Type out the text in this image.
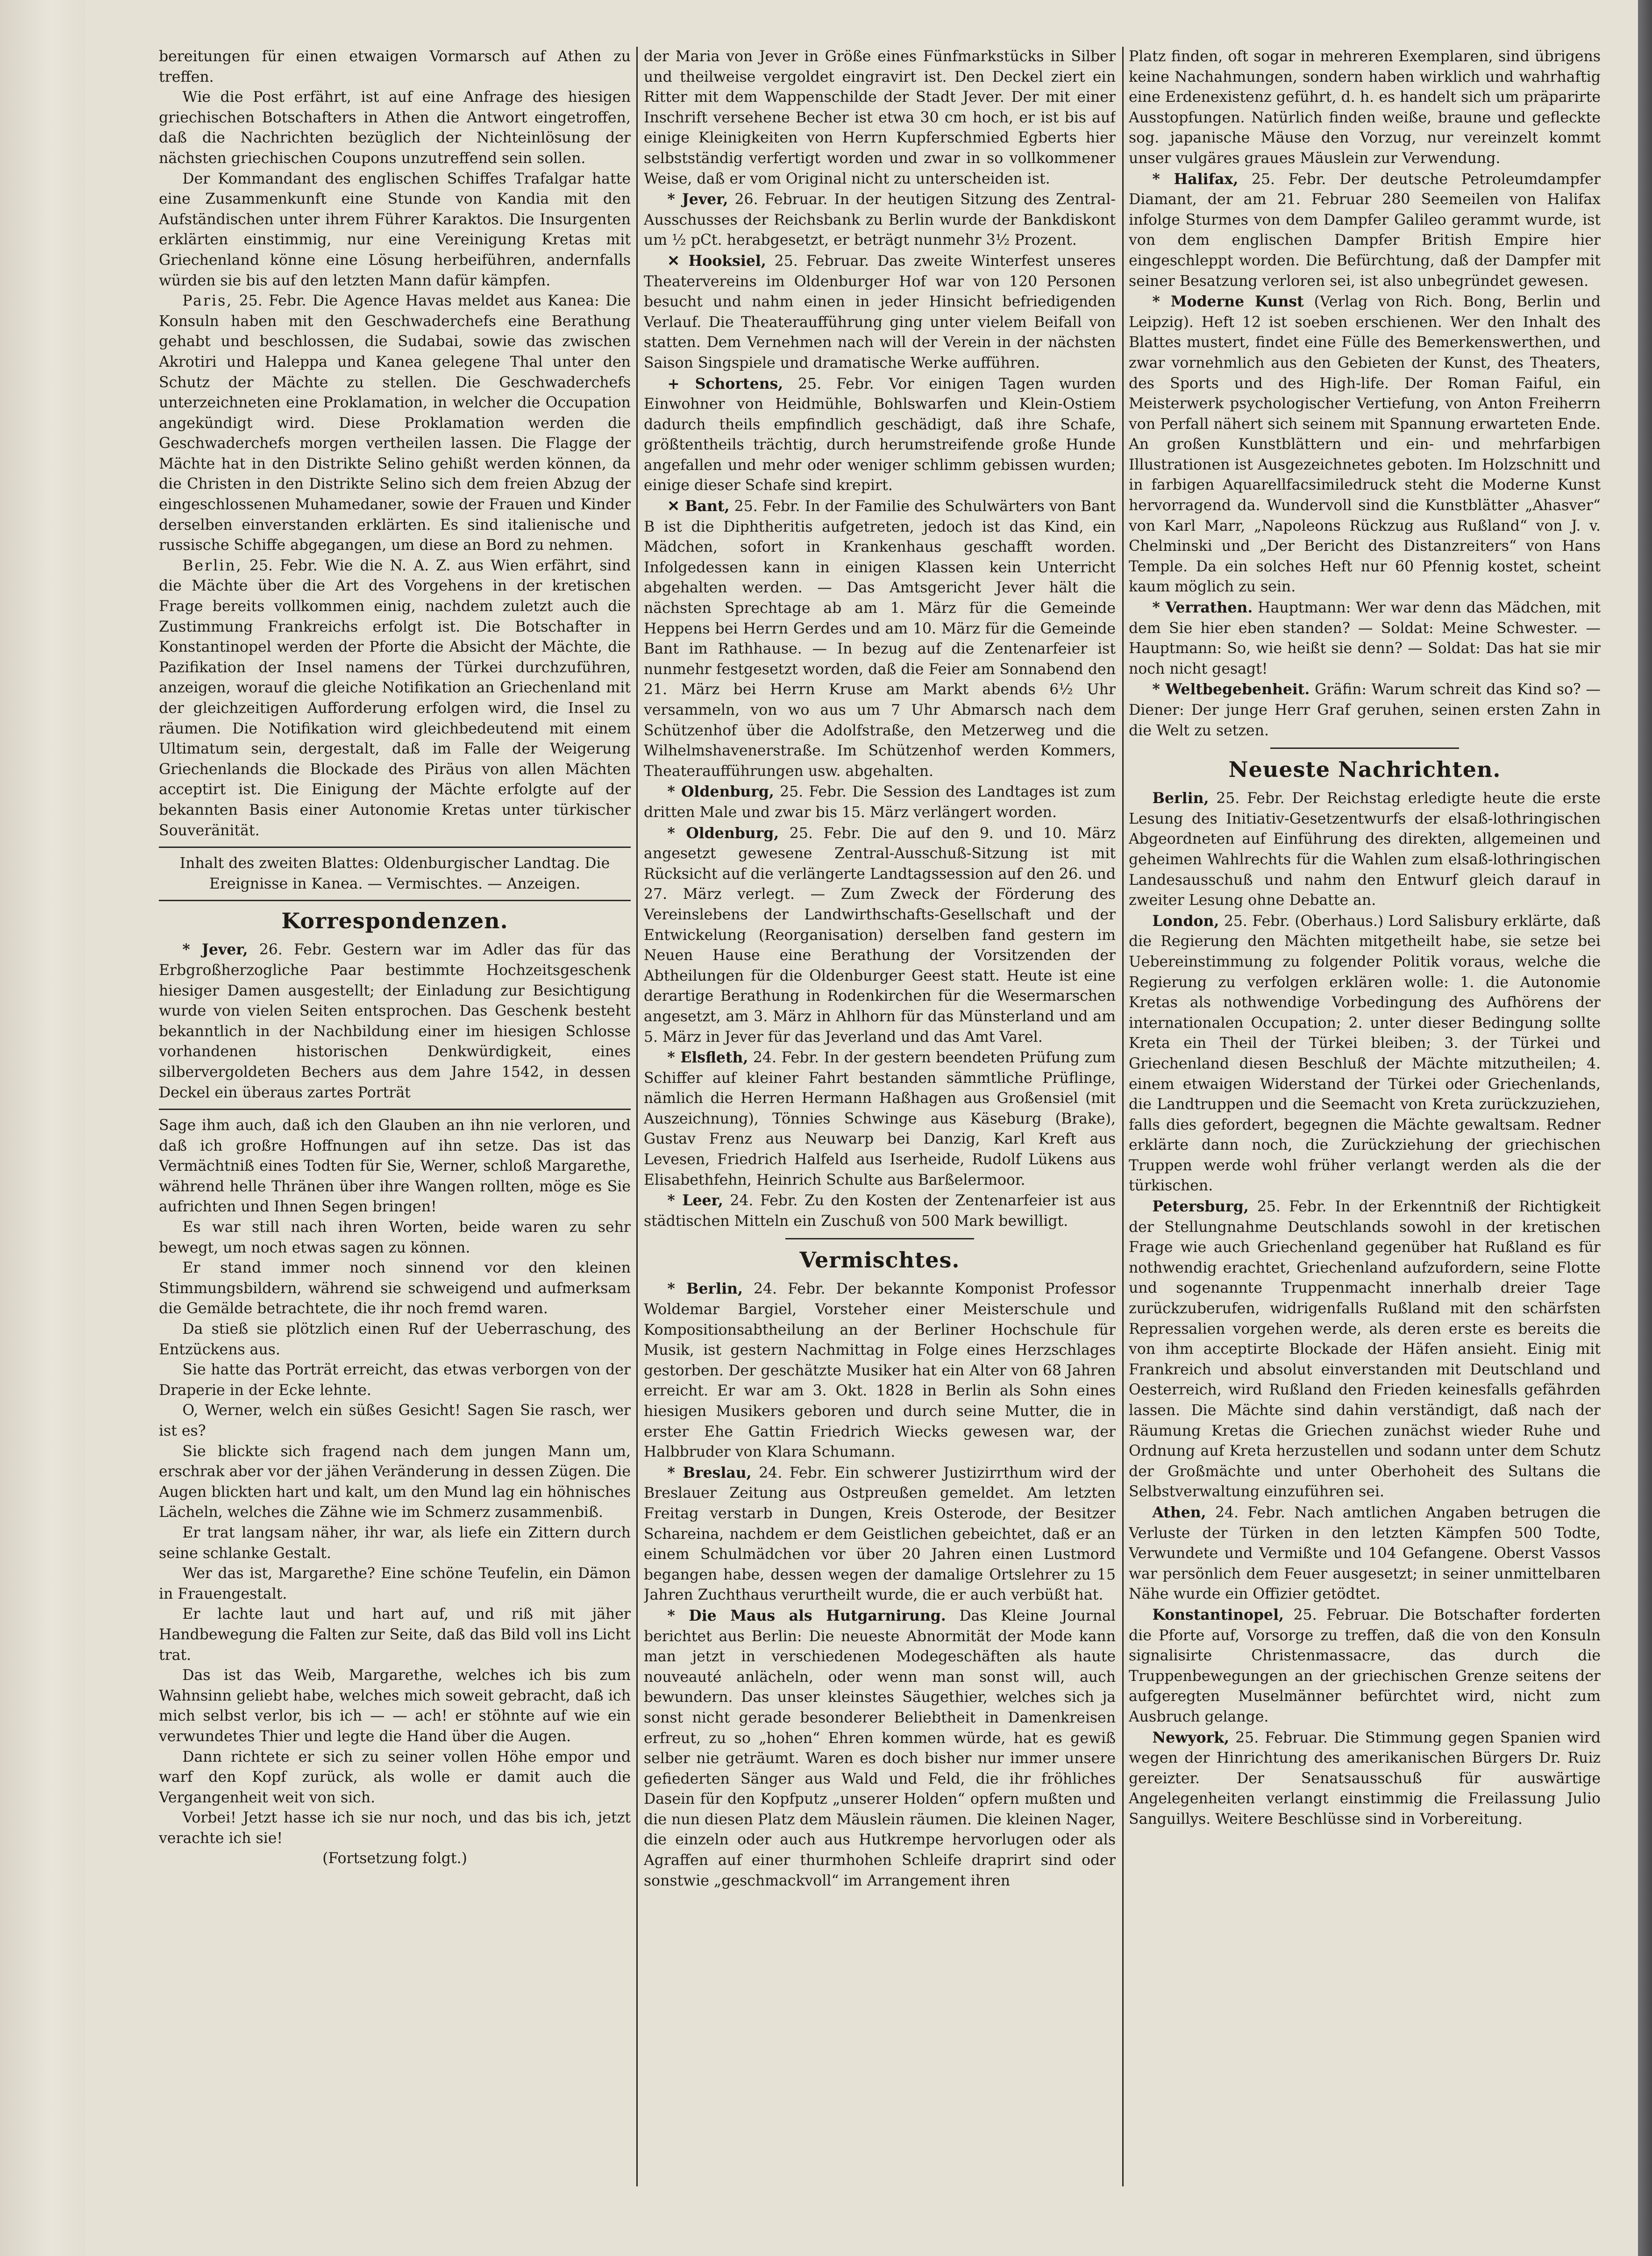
bereitungen für einen etwaigen Vormarsch auf Athen zu treffen.

Wie die Post erfährt, ist auf eine Anfrage des hiesigen griechischen Botschafters in Athen die Antwort eingetroffen, daß die Nachrichten bezüglich der Nichteinlösung der nächsten griechischen Coupons unzutreffend sein sollen.

Der Kommandant des englischen Schiffes Trafalgar hatte eine Zusammenkunft eine Stunde von Kandia mit den Aufständischen unter ihrem Führer Karaktos. Die Insurgenten erklärten einstimmig, nur eine Vereinigung Kretas mit Griechenland könne eine Lösung herbeiführen, andernfalls würden sie bis auf den letzten Mann dafür kämpfen.

Paris, 25. Febr. Die Agence Havas meldet aus Kanea: Die Konsuln haben mit den Geschwaderchefs eine Berathung gehabt und beschlossen, die Sudabai, sowie das zwischen Akrotiri und Haleppa und Kanea gelegene Thal unter den Schutz der Mächte zu stellen. Die Geschwaderchefs unterzeichneten eine Proklamation, in welcher die Occupation angekündigt wird. Diese Proklamation werden die Geschwaderchefs morgen vertheilen lassen. Die Flagge der Mächte hat in den Distrikte Selino gehißt werden können, da die Christen in den Distrikte Selino sich dem freien Abzug der eingeschlossenen Muhamedaner, sowie der Frauen und Kinder derselben einverstanden erklärten. Es sind italienische und russische Schiffe abgegangen, um diese an Bord zu nehmen.

Berlin, 25. Febr. Wie die N. A. Z. aus Wien erfährt, sind die Mächte über die Art des Vorgehens in der kretischen Frage bereits vollkommen einig, nachdem zuletzt auch die Zustimmung Frankreichs erfolgt ist. Die Botschafter in Konstantinopel werden der Pforte die Absicht der Mächte, die Pazifikation der Insel namens der Türkei durchzuführen, anzeigen, worauf die gleiche Notifikation an Griechenland mit der gleichzeitigen Aufforderung erfolgen wird, die Insel zu räumen. Die Notifikation wird gleichbedeutend mit einem Ultimatum sein, dergestalt, daß im Falle der Weigerung Griechenlands die Blockade des Piräus von allen Mächten acceptirt ist. Die Einigung der Mächte erfolgte auf der bekannten Basis einer Autonomie Kretas unter türkischer Souveränität.

Inhalt des zweiten Blattes: Oldenburgischer Landtag. Die Ereignisse in Kanea. — Vermischtes. — Anzeigen.

Korrespondenzen.

* Jever, 26. Febr. Gestern war im Adler das für das Erbgroßherzogliche Paar bestimmte Hochzeitsgeschenk hiesiger Damen ausgestellt; der Einladung zur Besichtigung wurde von vielen Seiten entsprochen. Das Geschenk besteht bekanntlich in der Nachbildung einer im hiesigen Schlosse vorhandenen historischen Denkwürdigkeit, eines silbervergoldeten Bechers aus dem Jahre 1542, in dessen Deckel ein überaus zartes Porträt

Sage ihm auch, daß ich den Glauben an ihn nie verloren, und daß ich großre Hoffnungen auf ihn setze. Das ist das Vermächtniß eines Todten für Sie, Werner, schloß Margarethe, während helle Thränen über ihre Wangen rollten, möge es Sie aufrichten und Ihnen Segen bringen!

Es war still nach ihren Worten, beide waren zu sehr bewegt, um noch etwas sagen zu können.

Er stand immer noch sinnend vor den kleinen Stimmungsbildern, während sie schweigend und aufmerksam die Gemälde betrachtete, die ihr noch fremd waren.

Da stieß sie plötzlich einen Ruf der Ueberraschung, des Entzückens aus.

Sie hatte das Porträt erreicht, das etwas verborgen von der Draperie in der Ecke lehnte.

O, Werner, welch ein süßes Gesicht! Sagen Sie rasch, wer ist es?

Sie blickte sich fragend nach dem jungen Mann um, erschrak aber vor der jähen Veränderung in dessen Zügen. Die Augen blickten hart und kalt, um den Mund lag ein höhnisches Lächeln, welches die Zähne wie im Schmerz zusammenbiß.

Er trat langsam näher, ihr war, als liefe ein Zittern durch seine schlanke Gestalt.

Wer das ist, Margarethe? Eine schöne Teufelin, ein Dämon in Frauengestalt.

Er lachte laut und hart auf, und riß mit jäher Handbewegung die Falten zur Seite, daß das Bild voll ins Licht trat.

Das ist das Weib, Margarethe, welches ich bis zum Wahnsinn geliebt habe, welches mich soweit gebracht, daß ich mich selbst verlor, bis ich — — ach! er stöhnte auf wie ein verwundetes Thier und legte die Hand über die Augen.

Dann richtete er sich zu seiner vollen Höhe empor und warf den Kopf zurück, als wolle er damit auch die Vergangenheit weit von sich.

Vorbei! Jetzt hasse ich sie nur noch, und das bis ich, jetzt verachte ich sie!

(Fortsetzung folgt.)

der Maria von Jever in Größe eines Fünfmarkstücks in Silber und theilweise vergoldet eingravirt ist. Den Deckel ziert ein Ritter mit dem Wappenschilde der Stadt Jever. Der mit einer Inschrift versehene Becher ist etwa 30 cm hoch, er ist bis auf einige Kleinigkeiten von Herrn Kupferschmied Egberts hier selbstständig verfertigt worden und zwar in so vollkommener Weise, daß er vom Original nicht zu unterscheiden ist.

* Jever, 26. Februar. In der heutigen Sitzung des Zentral-Ausschusses der Reichsbank zu Berlin wurde der Bankdiskont um ½ pCt. herabgesetzt, er beträgt nunmehr 3½ Prozent.

✕ Hooksiel, 25. Februar. Das zweite Winterfest unseres Theatervereins im Oldenburger Hof war von 120 Personen besucht und nahm einen in jeder Hinsicht befriedigenden Verlauf. Die Theateraufführung ging unter vielem Beifall von statten. Dem Vernehmen nach will der Verein in der nächsten Saison Singspiele und dramatische Werke aufführen.

+ Schortens, 25. Febr. Vor einigen Tagen wurden Einwohner von Heidmühle, Bohlswarfen und Klein-Ostiem dadurch theils empfindlich geschädigt, daß ihre Schafe, größtentheils trächtig, durch herumstreifende große Hunde angefallen und mehr oder weniger schlimm gebissen wurden; einige dieser Schafe sind krepirt.

✕ Bant, 25. Febr. In der Familie des Schulwärters von Bant B ist die Diphtheritis aufgetreten, jedoch ist das Kind, ein Mädchen, sofort in Krankenhaus geschafft worden. Infolgedessen kann in einigen Klassen kein Unterricht abgehalten werden. — Das Amtsgericht Jever hält die nächsten Sprechtage ab am 1. März für die Gemeinde Heppens bei Herrn Gerdes und am 10. März für die Gemeinde Bant im Rathhause. — In bezug auf die Zentenarfeier ist nunmehr festgesetzt worden, daß die Feier am Sonnabend den 21. März bei Herrn Kruse am Markt abends 6½ Uhr versammeln, von wo aus um 7 Uhr Abmarsch nach dem Schützenhof über die Adolfstraße, den Metzerweg und die Wilhelmshavenerstraße. Im Schützenhof werden Kommers, Theateraufführungen usw. abgehalten.

* Oldenburg, 25. Febr. Die Session des Landtages ist zum dritten Male und zwar bis 15. März verlängert worden.

* Oldenburg, 25. Febr. Die auf den 9. und 10. März angesetzt gewesene Zentral-Ausschuß-Sitzung ist mit Rücksicht auf die verlängerte Landtagssession auf den 26. und 27. März verlegt. — Zum Zweck der Förderung des Vereinslebens der Landwirthschafts-Gesellschaft und der Entwickelung (Reorganisation) derselben fand gestern im Neuen Hause eine Berathung der Vorsitzenden der Abtheilungen für die Oldenburger Geest statt. Heute ist eine derartige Berathung in Rodenkirchen für die Wesermarschen angesetzt, am 3. März in Ahlhorn für das Münsterland und am 5. März in Jever für das Jeverland und das Amt Varel.

* Elsfleth, 24. Febr. In der gestern beendeten Prüfung zum Schiffer auf kleiner Fahrt bestanden sämmtliche Prüflinge, nämlich die Herren Hermann Haßhagen aus Großensiel (mit Auszeichnung), Tönnies Schwinge aus Käseburg (Brake), Gustav Frenz aus Neuwarp bei Danzig, Karl Kreft aus Levesen, Friedrich Halfeld aus Iserheide, Rudolf Lükens aus Elisabethfehn, Heinrich Schulte aus Barßelermoor.

* Leer, 24. Febr. Zu den Kosten der Zentenarfeier ist aus städtischen Mitteln ein Zuschuß von 500 Mark bewilligt.

Vermischtes.

* Berlin, 24. Febr. Der bekannte Komponist Professor Woldemar Bargiel, Vorsteher einer Meisterschule und Kompositionsabtheilung an der Berliner Hochschule für Musik, ist gestern Nachmittag in Folge eines Herzschlages gestorben. Der geschätzte Musiker hat ein Alter von 68 Jahren erreicht. Er war am 3. Okt. 1828 in Berlin als Sohn eines hiesigen Musikers geboren und durch seine Mutter, die in erster Ehe Gattin Friedrich Wiecks gewesen war, der Halbbruder von Klara Schumann.

* Breslau, 24. Febr. Ein schwerer Justizirrthum wird der Breslauer Zeitung aus Ostpreußen gemeldet. Am letzten Freitag verstarb in Dungen, Kreis Osterode, der Besitzer Schareina, nachdem er dem Geistlichen gebeichtet, daß er an einem Schulmädchen vor über 20 Jahren einen Lustmord begangen habe, dessen wegen der damalige Ortslehrer zu 15 Jahren Zuchthaus verurtheilt wurde, die er auch verbüßt hat.

* Die Maus als Hutgarnirung. Das Kleine Journal berichtet aus Berlin: Die neueste Abnormität der Mode kann man jetzt in verschiedenen Modegeschäften als haute nouveauté anlächeln, oder wenn man sonst will, auch bewundern. Das unser kleinstes Säugethier, welches sich ja sonst nicht gerade besonderer Beliebtheit in Damenkreisen erfreut, zu so „hohen“ Ehren kommen würde, hat es gewiß selber nie geträumt. Waren es doch bisher nur immer unsere gefiederten Sänger aus Wald und Feld, die ihr fröhliches Dasein für den Kopfputz „unserer Holden“ opfern mußten und die nun diesen Platz dem Mäuslein räumen. Die kleinen Nager, die einzeln oder auch aus Hutkrempe hervorlugen oder als Agraffen auf einer thurmhohen Schleife draprirt sind oder sonstwie „geschmackvoll“ im Arrangement ihren

Platz finden, oft sogar in mehreren Exemplaren, sind übrigens keine Nachahmungen, sondern haben wirklich und wahrhaftig eine Erdenexistenz geführt, d. h. es handelt sich um präparirte Ausstopfungen. Natürlich finden weiße, braune und gefleckte sog. japanische Mäuse den Vorzug, nur vereinzelt kommt unser vulgäres graues Mäuslein zur Verwendung.

* Halifax, 25. Febr. Der deutsche Petroleumdampfer Diamant, der am 21. Februar 280 Seemeilen von Halifax infolge Sturmes von dem Dampfer Galileo gerammt wurde, ist von dem englischen Dampfer British Empire hier eingeschleppt worden. Die Befürchtung, daß der Dampfer mit seiner Besatzung verloren sei, ist also unbegründet gewesen.

* Moderne Kunst (Verlag von Rich. Bong, Berlin und Leipzig). Heft 12 ist soeben erschienen. Wer den Inhalt des Blattes mustert, findet eine Fülle des Bemerkenswerthen, und zwar vornehmlich aus den Gebieten der Kunst, des Theaters, des Sports und des High-life. Der Roman Faiful, ein Meisterwerk psychologischer Vertiefung, von Anton Freiherrn von Perfall nähert sich seinem mit Spannung erwarteten Ende. An großen Kunstblättern und ein- und mehrfarbigen Illustrationen ist Ausgezeichnetes geboten. Im Holzschnitt und in farbigen Aquarellfacsimiledruck steht die Moderne Kunst hervorragend da. Wundervoll sind die Kunstblätter „Ahasver“ von Karl Marr, „Napoleons Rückzug aus Rußland“ von J. v. Chelminski und „Der Bericht des Distanzreiters“ von Hans Temple. Da ein solches Heft nur 60 Pfennig kostet, scheint kaum möglich zu sein.

* Verrathen. Hauptmann: Wer war denn das Mädchen, mit dem Sie hier eben standen? — Soldat: Meine Schwester. — Hauptmann: So, wie heißt sie denn? — Soldat: Das hat sie mir noch nicht gesagt!

* Weltbegebenheit. Gräfin: Warum schreit das Kind so? — Diener: Der junge Herr Graf geruhen, seinen ersten Zahn in die Welt zu setzen.

Neueste Nachrichten.

Berlin, 25. Febr. Der Reichstag erledigte heute die erste Lesung des Initiativ-Gesetzentwurfs der elsaß-lothringischen Abgeordneten auf Einführung des direkten, allgemeinen und geheimen Wahlrechts für die Wahlen zum elsaß-lothringischen Landesausschuß und nahm den Entwurf gleich darauf in zweiter Lesung ohne Debatte an.

London, 25. Febr. (Oberhaus.) Lord Salisbury erklärte, daß die Regierung den Mächten mitgetheilt habe, sie setze bei Uebereinstimmung zu folgender Politik voraus, welche die Regierung zu verfolgen erklären wolle: 1. die Autonomie Kretas als nothwendige Vorbedingung des Aufhörens der internationalen Occupation; 2. unter dieser Bedingung sollte Kreta ein Theil der Türkei bleiben; 3. der Türkei und Griechenland diesen Beschluß der Mächte mitzutheilen; 4. einem etwaigen Widerstand der Türkei oder Griechenlands, die Landtruppen und die Seemacht von Kreta zurückzuziehen, falls dies gefordert, begegnen die Mächte gewaltsam. Redner erklärte dann noch, die Zurückziehung der griechischen Truppen werde wohl früher verlangt werden als die der türkischen.

Petersburg, 25. Febr. In der Erkenntniß der Richtigkeit der Stellungnahme Deutschlands sowohl in der kretischen Frage wie auch Griechenland gegenüber hat Rußland es für nothwendig erachtet, Griechenland aufzufordern, seine Flotte und sogenannte Truppenmacht innerhalb dreier Tage zurückzuberufen, widrigenfalls Rußland mit den schärfsten Repressalien vorgehen werde, als deren erste es bereits die von ihm acceptirte Blockade der Häfen ansieht. Einig mit Frankreich und absolut einverstanden mit Deutschland und Oesterreich, wird Rußland den Frieden keinesfalls gefährden lassen. Die Mächte sind dahin verständigt, daß nach der Räumung Kretas die Griechen zunächst wieder Ruhe und Ordnung auf Kreta herzustellen und sodann unter dem Schutz der Großmächte und unter Oberhoheit des Sultans die Selbstverwaltung einzuführen sei.

Athen, 24. Febr. Nach amtlichen Angaben betrugen die Verluste der Türken in den letzten Kämpfen 500 Todte, Verwundete und Vermißte und 104 Gefangene. Oberst Vassos war persönlich dem Feuer ausgesetzt; in seiner unmittelbaren Nähe wurde ein Offizier getödtet.

Konstantinopel, 25. Februar. Die Botschafter forderten die Pforte auf, Vorsorge zu treffen, daß die von den Konsuln signalisirte Christenmassacre, das durch die Truppenbewegungen an der griechischen Grenze seitens der aufgeregten Muselmänner befürchtet wird, nicht zum Ausbruch gelange.

Newyork, 25. Februar. Die Stimmung gegen Spanien wird wegen der Hinrichtung des amerikanischen Bürgers Dr. Ruiz gereizter. Der Senatsausschuß für auswärtige Angelegenheiten verlangt einstimmig die Freilassung Julio Sanguillys. Weitere Beschlüsse sind in Vorbereitung.
